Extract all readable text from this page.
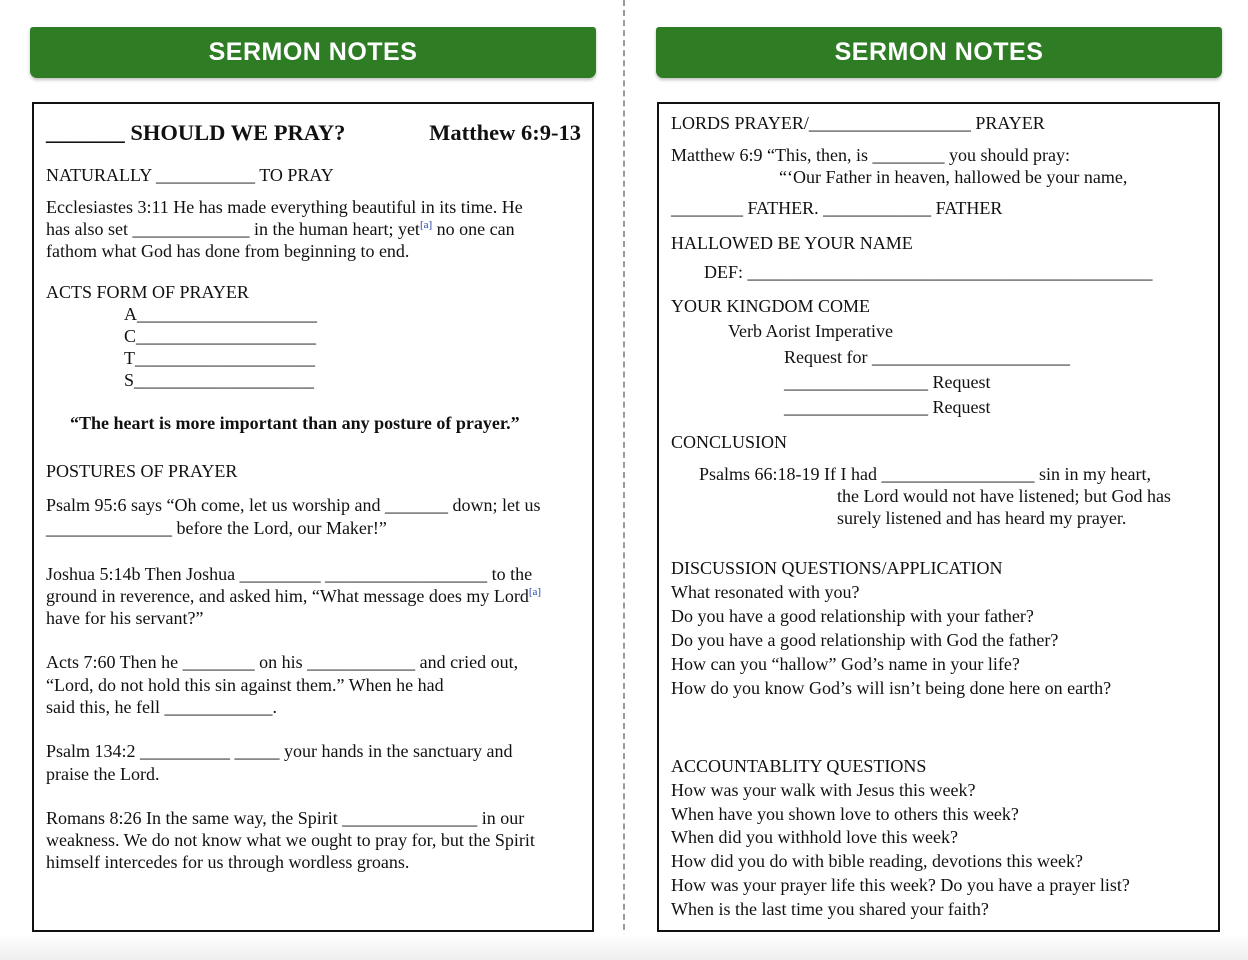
SERMON NOTES
_______ SHOULD WE PRAY?	Matthew 6:9-13
NATURALLY ___________ TO PRAY
Ecclesiastes 3:11 He has made everything beautiful in its time. He
has also set _____________ in the human heart; yet[a] no one can
fathom what God has done from beginning to end.
ACTS FORM OF PRAYER
A____________________
C____________________
T____________________
S____________________
“The heart is more important than any posture of prayer.”
POSTURES OF PRAYER
Psalm 95:6 says “Oh come, let us worship and _______ down; let us
______________ before the Lord, our Maker!”
Joshua 5:14b Then Joshua _________ __________________ to the
ground in reverence, and asked him, “What message does my Lord[a]
have for his servant?”
Acts 7:60 Then he ________ on his ____________ and cried out,
“Lord, do not hold this sin against them.” When he had
said this, he fell ____________.
Psalm 134:2 __________ _____ your hands in the sanctuary and
praise the Lord.
Romans 8:26 In the same way, the Spirit _______________ in our
weakness. We do not know what we ought to pray for, but the Spirit
himself intercedes for us through wordless groans.
SERMON NOTES
LORDS PRAYER/__________________ PRAYER
Matthew 6:9 “This, then, is ________ you should pray:
“‘Our Father in heaven, hallowed be your name,
________ FATHER. ____________ FATHER
HALLOWED BE YOUR NAME
DEF: _____________________________________________
YOUR KINGDOM COME
Verb Aorist Imperative
Request for ______________________
________________ Request
________________ Request
CONCLUSION
Psalms 66:18-19 If I had _________________ sin in my heart,
the Lord would not have listened; but God has
surely listened and has heard my prayer.
DISCUSSION QUESTIONS/APPLICATION
What resonated with you?
Do you have a good relationship with your father?
Do you have a good relationship with God the father?
How can you “hallow” God’s name in your life?
How do you know God’s will isn’t being done here on earth?
ACCOUNTABLITY QUESTIONS
How was your walk with Jesus this week?
When have you shown love to others this week?
When did you withhold love this week?
How did you do with bible reading, devotions this week?
How was your prayer life this week? Do you have a prayer list?
When is the last time you shared your faith?
